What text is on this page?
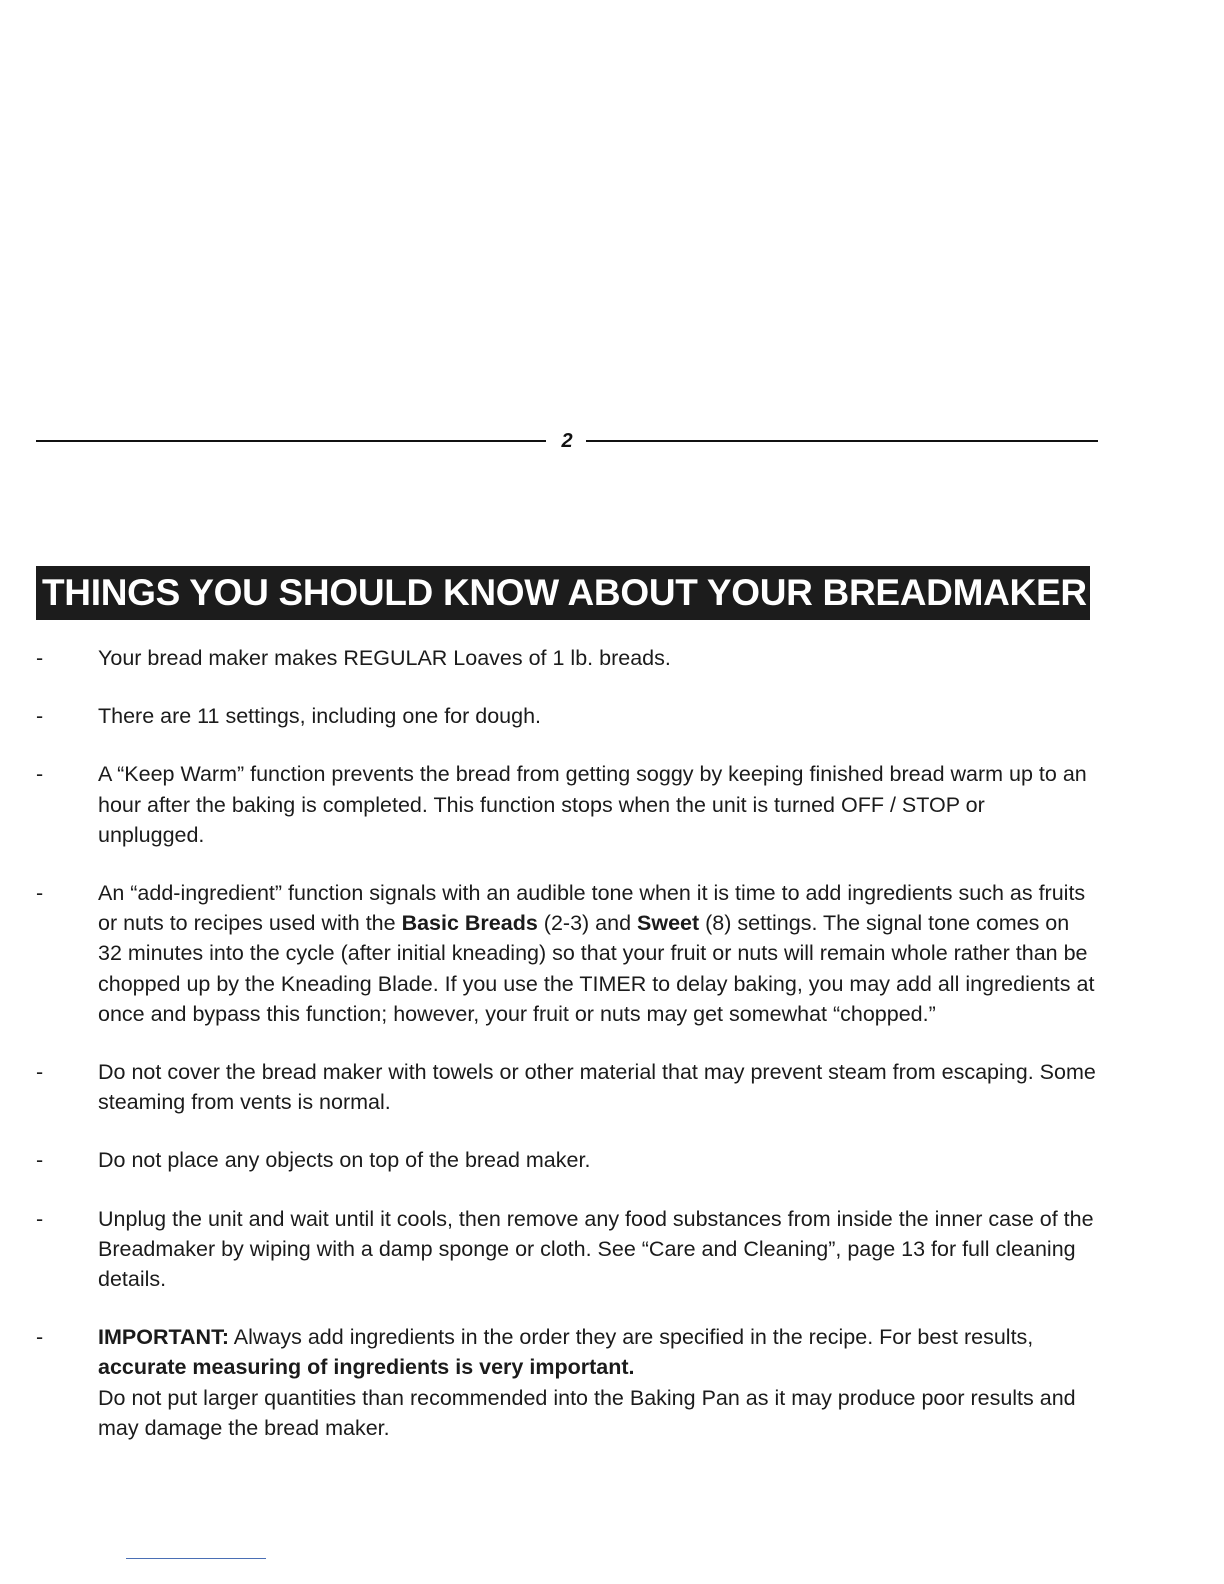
2
THINGS YOU SHOULD KNOW ABOUT YOUR BREADMAKER
-	Your bread maker makes REGULAR Loaves of 1 lb. breads.
-	There are 11 settings, including one for dough.
-	A “Keep Warm” function prevents the bread from getting soggy by keeping finished bread warm up to an hour after the baking is completed. This function stops when the unit is turned OFF / STOP or unplugged.
-	An “add-ingredient” function signals with an audible tone when it is time to add ingredients such as fruits or nuts to recipes used with the Basic Breads (2-3) and Sweet (8) settings. The signal tone comes on 32 minutes into the cycle (after initial kneading) so that your fruit or nuts will remain whole rather than be chopped up by the Kneading Blade. If you use the TIMER to delay baking, you may add all ingredients at once and bypass this function; however, your fruit or nuts may get somewhat “chopped.”
-	Do not cover the bread maker with towels or other material that may prevent steam from escaping. Some steaming from vents is normal.
-	Do not place any objects on top of the bread maker.
-	Unplug the unit and wait until it cools, then remove any food substances from inside the inner case of the Breadmaker by wiping with a damp sponge or cloth. See “Care and Cleaning”, page 13 for full cleaning details.
-	IMPORTANT: Always add ingredients in the order they are specified in the recipe. For best results, accurate measuring of ingredients is very important.
Do not put larger quantities than recommended into the Baking Pan as it may produce poor results and may damage the bread maker.
